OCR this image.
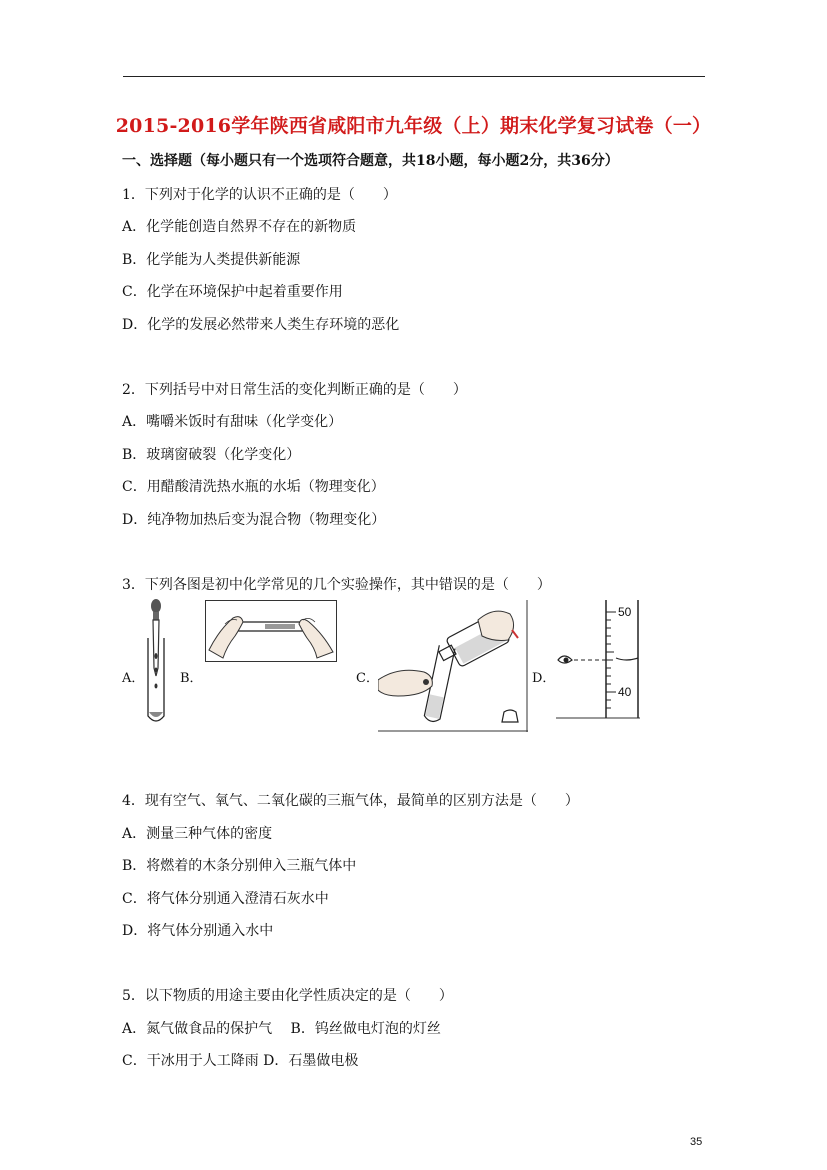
2015-2016学年陕西省咸阳市九年级（上）期末化学复习试卷（一）
一、选择题（每小题只有一个选项符合题意，共18小题，每小题2分，共36分）
1．下列对于化学的认识不正确的是（　　）
A．化学能创造自然界不存在的新物质
B．化学能为人类提供新能源
C．化学在环境保护中起着重要作用
D．化学的发展必然带来人类生存环境的恶化
2．下列括号中对日常生活的变化判断正确的是（　　）
A．嘴嚼米饭时有甜味（化学变化）
B．玻璃窗破裂（化学变化）
C．用醋酸清洗热水瓶的水垢（物理变化）
D．纯净物加热后变为混合物（物理变化）
3．下列各图是初中化学常见的几个实验操作，其中错误的是（　　）
A．	B．	C．	D．
50
40
4．现有空气、氧气、二氧化碳的三瓶气体，最简单的区别方法是（　　）
A．测量三种气体的密度
B．将燃着的木条分别伸入三瓶气体中
C．将气体分别通入澄清石灰水中
D．将气体分别通入水中
5．以下物质的用途主要由化学性质决定的是（　　）
A．氮气做食品的保护气　 B．钨丝做电灯泡的灯丝
C．干冰用于人工降雨 D．石墨做电极
35
